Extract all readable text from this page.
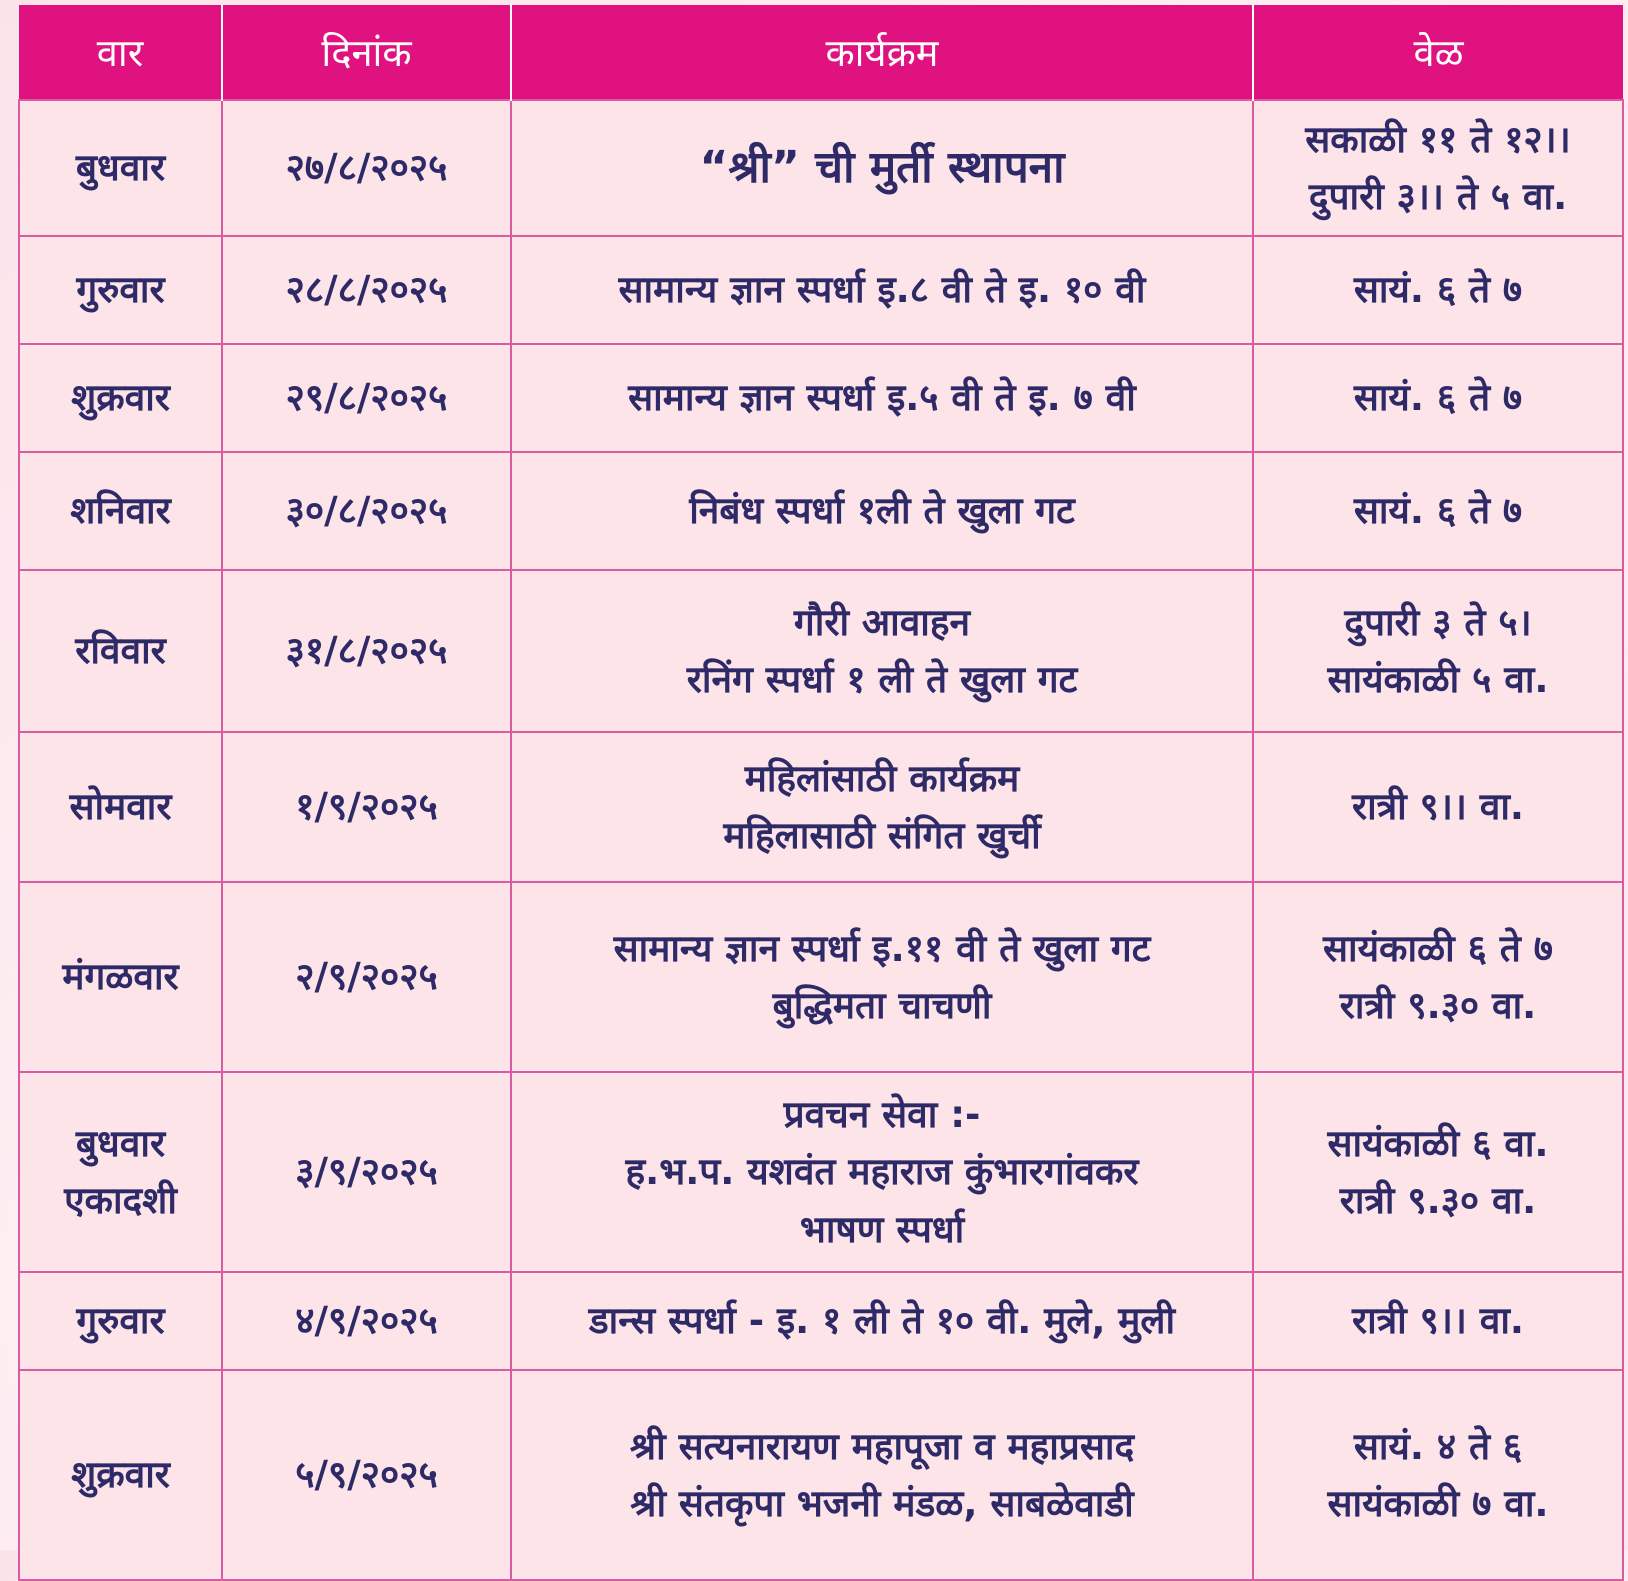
वार	दिनांक	कार्यक्रम	वेळ

बुधवार	२७/८/२०२५	“श्री” ची मुर्ती स्थापना	सकाळी ११ ते १२।।
दुपारी ३।। ते ५ वा.

गुरुवार	२८/८/२०२५	सामान्य ज्ञान स्पर्धा इ.८ वी ते इ. १० वी	सायं. ६ ते ७

शुक्रवार	२९/८/२०२५	सामान्य ज्ञान स्पर्धा इ.५ वी ते इ. ७ वी	सायं. ६ ते ७

शनिवार	३०/८/२०२५	निबंध स्पर्धा १ली ते खुला गट	सायं. ६ ते ७

रविवार	३१/८/२०२५	गौरी आवाहन
रनिंग स्पर्धा १ ली ते खुला गट	दुपारी ३ ते ५।
सायंकाळी ५ वा.

सोमवार	१/९/२०२५	महिलांसाठी कार्यक्रम
महिलासाठी संगित खुर्ची	रात्री ९।। वा.

मंगळवार	२/९/२०२५	सामान्य ज्ञान स्पर्धा इ.११ वी ते खुला गट
बुद्धिमता चाचणी	सायंकाळी ६ ते ७
रात्री ९.३० वा.

बुधवार
एकादशी	३/९/२०२५	प्रवचन सेवा :-
ह.भ.प. यशवंत महाराज कुंभारगांवकर
भाषण स्पर्धा	सायंकाळी ६ वा.
रात्री ९.३० वा.

गुरुवार	४/९/२०२५	डान्स स्पर्धा - इ. १ ली ते १० वी. मुले, मुली	रात्री ९।। वा.

शुक्रवार	५/९/२०२५	श्री सत्यनारायण महापूजा व महाप्रसाद
श्री संतकृपा भजनी मंडळ, साबळेवाडी	सायं. ४ ते ६
सायंकाळी ७ वा.
